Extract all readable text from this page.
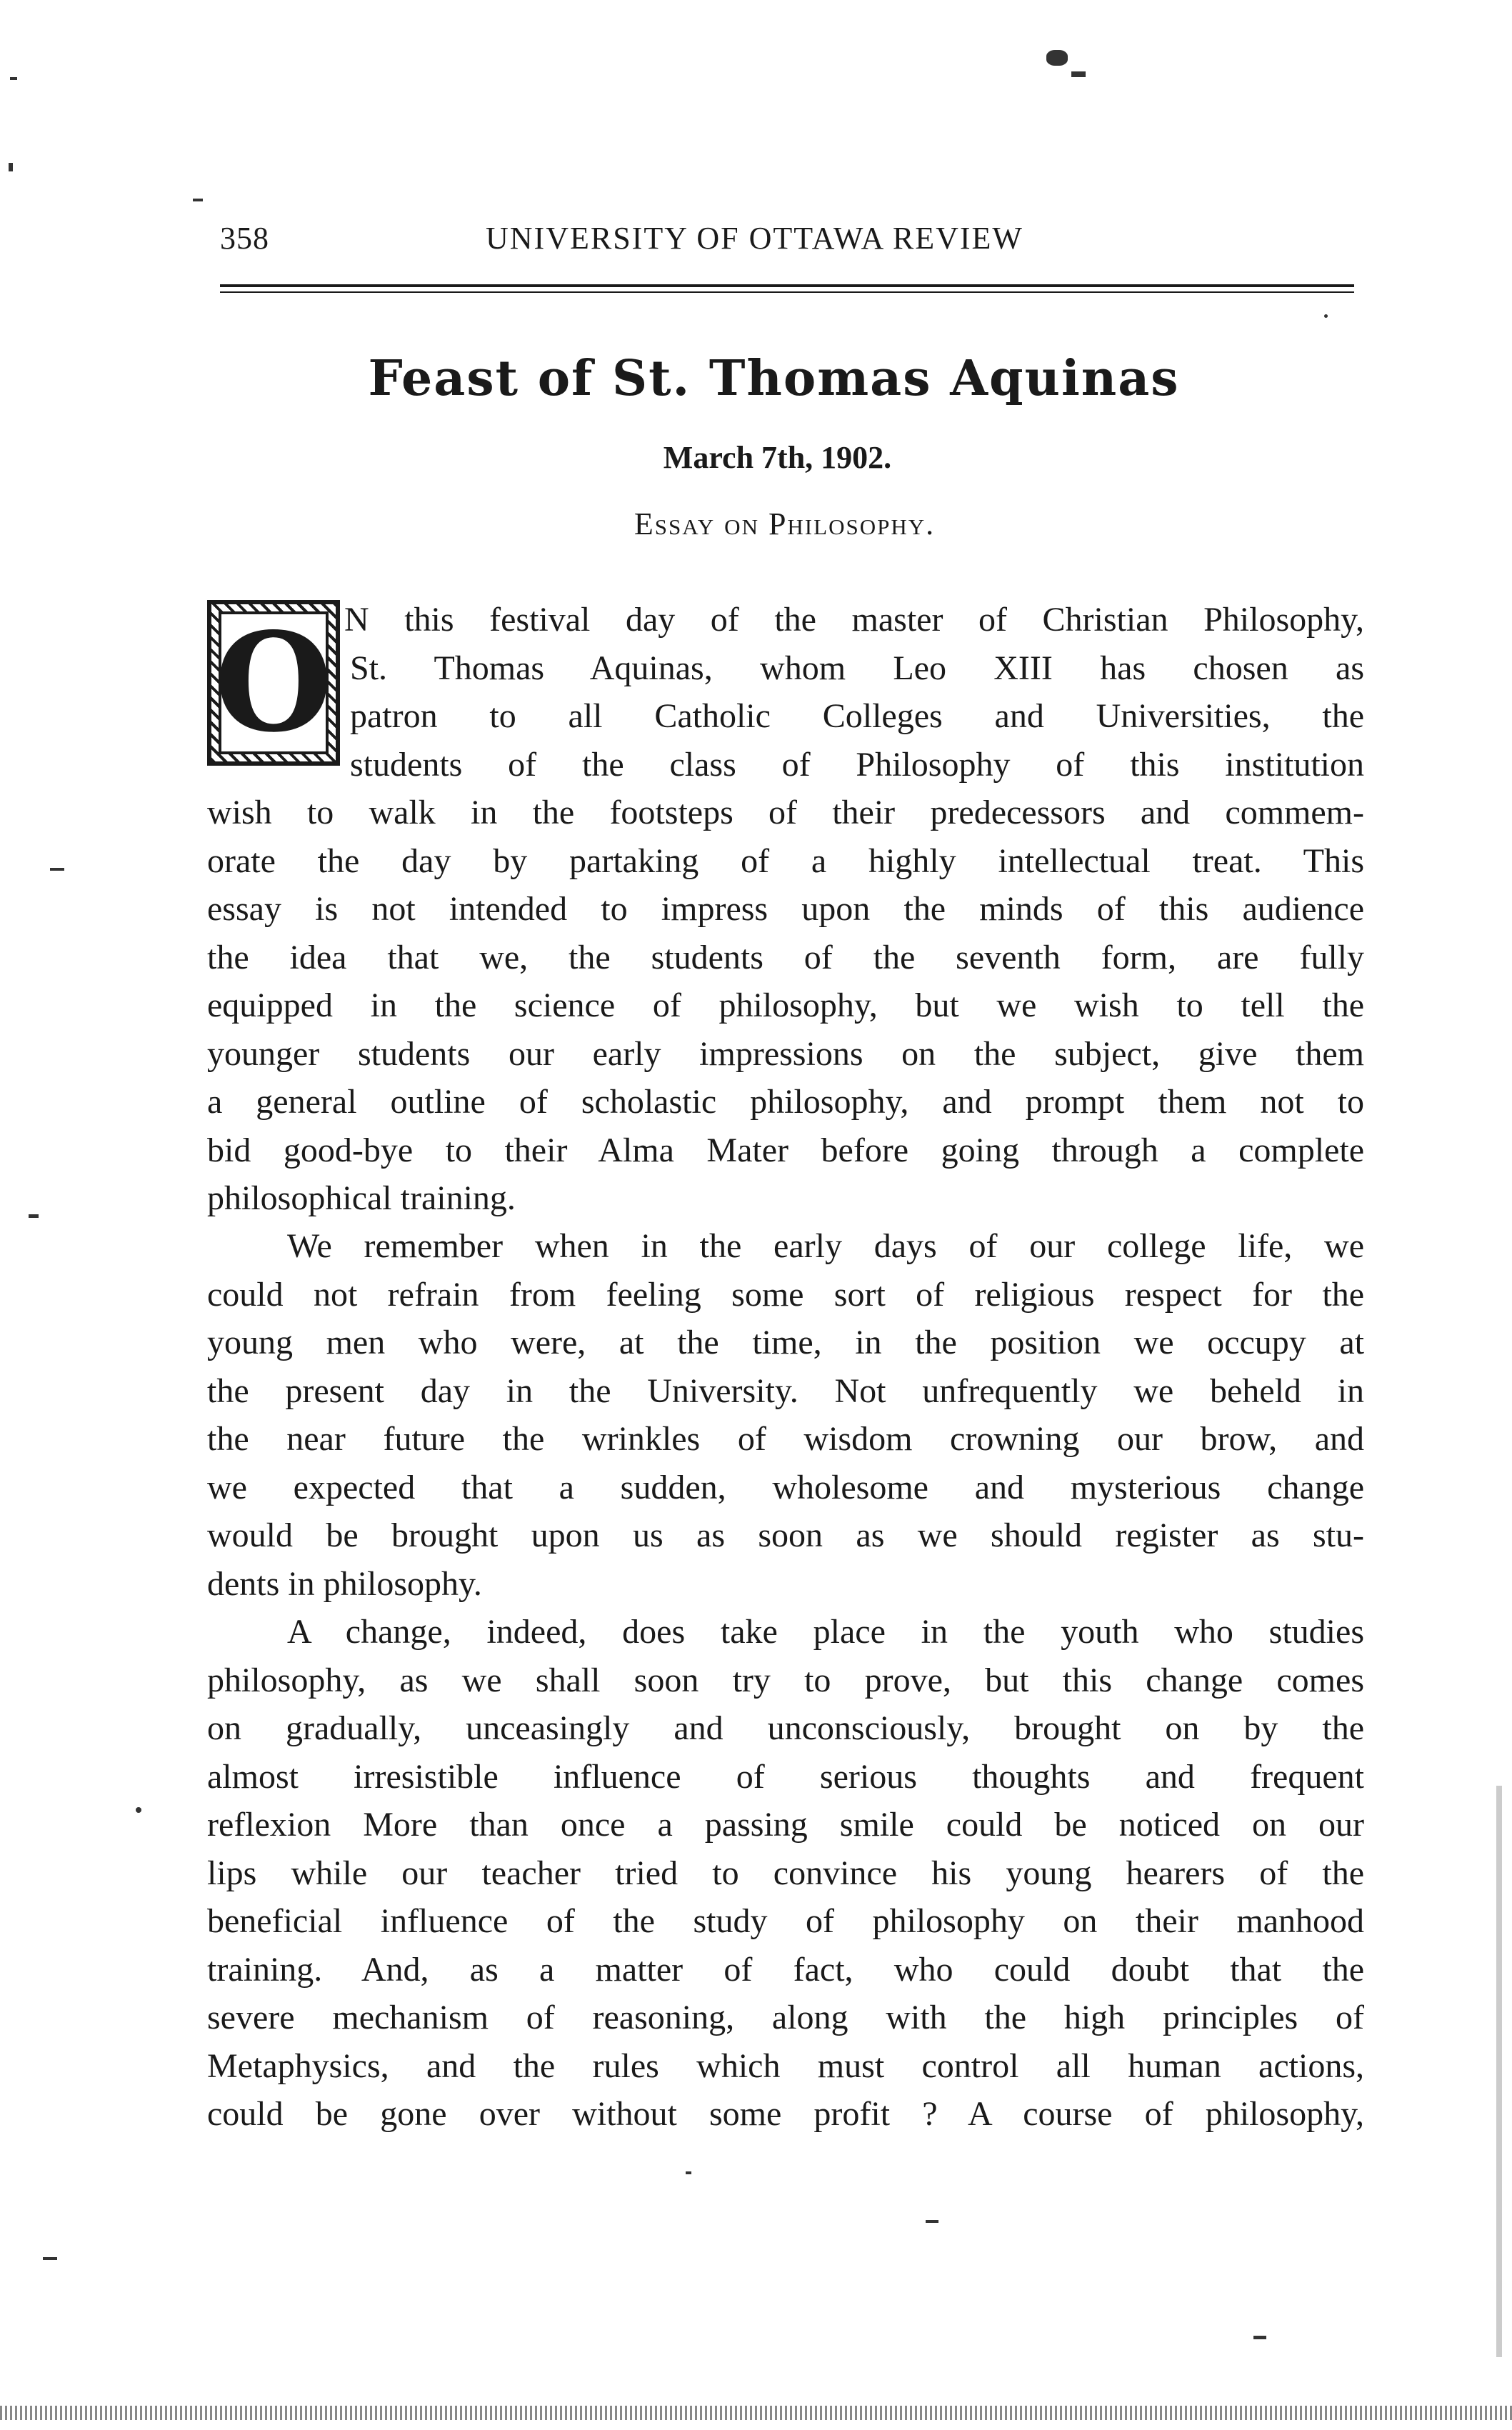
358	UNIVERSITY OF OTTAWA REVIEW
Feast of St. Thomas Aquinas
March 7th, 1902.
Essay on Philosophy.
O N this festival day of the master of Christian Philosophy,
St. Thomas Aquinas, whom Leo XIII has chosen as
patron to all Catholic Colleges and Universities, the
students of the class of Philosophy of this institution
wish to walk in the footsteps of their predecessors and commem-
orate the day by partaking of a highly intellectual treat. This
essay is not intended to impress upon the minds of this audience
the idea that we, the students of the seventh form, are fully
equipped in the science of philosophy, but we wish to tell the
younger students our early impressions on the subject, give them
a general outline of scholastic philosophy, and prompt them not to
bid good-bye to their Alma Mater before going through a complete
philosophical training.
We remember when in the early days of our college life, we
could not refrain from feeling some sort of religious respect for the
young men who were, at the time, in the position we occupy at
the present day in the University. Not unfrequently we beheld in
the near future the wrinkles of wisdom crowning our brow, and
we expected that a sudden, wholesome and mysterious change
would be brought upon us as soon as we should register as stu-
dents in philosophy.
A change, indeed, does take place in the youth who studies
philosophy, as we shall soon try to prove, but this change comes
on gradually, unceasingly and unconsciously, brought on by the
almost irresistible influence of serious thoughts and frequent
reflexion More than once a passing smile could be noticed on our
lips while our teacher tried to convince his young hearers of the
beneficial influence of the study of philosophy on their manhood
training. And, as a matter of fact, who could doubt that the
severe mechanism of reasoning, along with the high principles of
Metaphysics, and the rules which must control all human actions,
could be gone over without some profit ? A course of philosophy,
